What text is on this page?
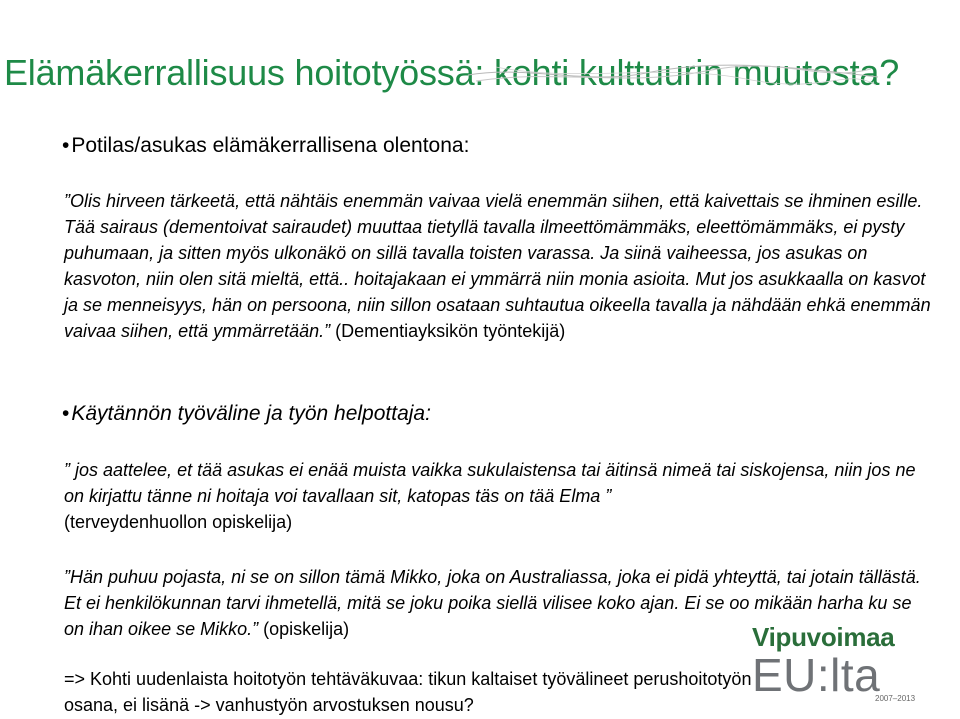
Elämäkerrallisuus hoitotyössä: kohti kulttuurin muutosta?
•Potilas/asukas elämäkerrallisena olentona:
”Olis hirveen tärkeetä, että nähtäis enemmän vaivaa vielä enemmän siihen, että kaivettais se ihminen esille. Tää sairaus (dementoivat sairaudet) muuttaa tietyllä tavalla ilmeettömämmäks, eleettömämmäks, ei pysty puhumaan, ja sitten myös ulkonäkö on sillä tavalla toisten varassa. Ja siinä vaiheessa, jos asukas on kasvoton, niin olen sitä mieltä, että.. hoitajakaan ei ymmärrä niin monia asioita. Mut jos asukkaalla on kasvot ja se menneisyys, hän on persoona, niin sillon osataan suhtautua oikeella tavalla ja nähdään ehkä enemmän vaivaa siihen, että ymmärretään.” (Dementiayksikön työntekijä)
•Käytännön työväline ja työn helpottaja:
” jos aattelee, et tää asukas ei enää muista vaikka sukulaistensa tai äitinsä nimeä tai siskojensa, niin jos ne on kirjattu tänne ni hoitaja voi tavallaan sit, katopas täs on tää Elma ”
(terveydenhuollon opiskelija)
”Hän puhuu pojasta, ni se on sillon tämä Mikko, joka on Australiassa, joka ei pidä yhteyttä, tai jotain tällästä. Et ei henkilökunnan tarvi ihmetellä, mitä se joku poika siellä vilisee koko ajan. Ei se oo mikään harha ku se on ihan oikee se Mikko.” (opiskelija)
=> Kohti uudenlaista hoitotyön tehtäväkuvaa: tikun kaltaiset työvälineet perushoitotyön osana, ei lisänä -> vanhustyön arvostuksen nousu?
Vipuvoimaa
EU:lta
2007–2013
